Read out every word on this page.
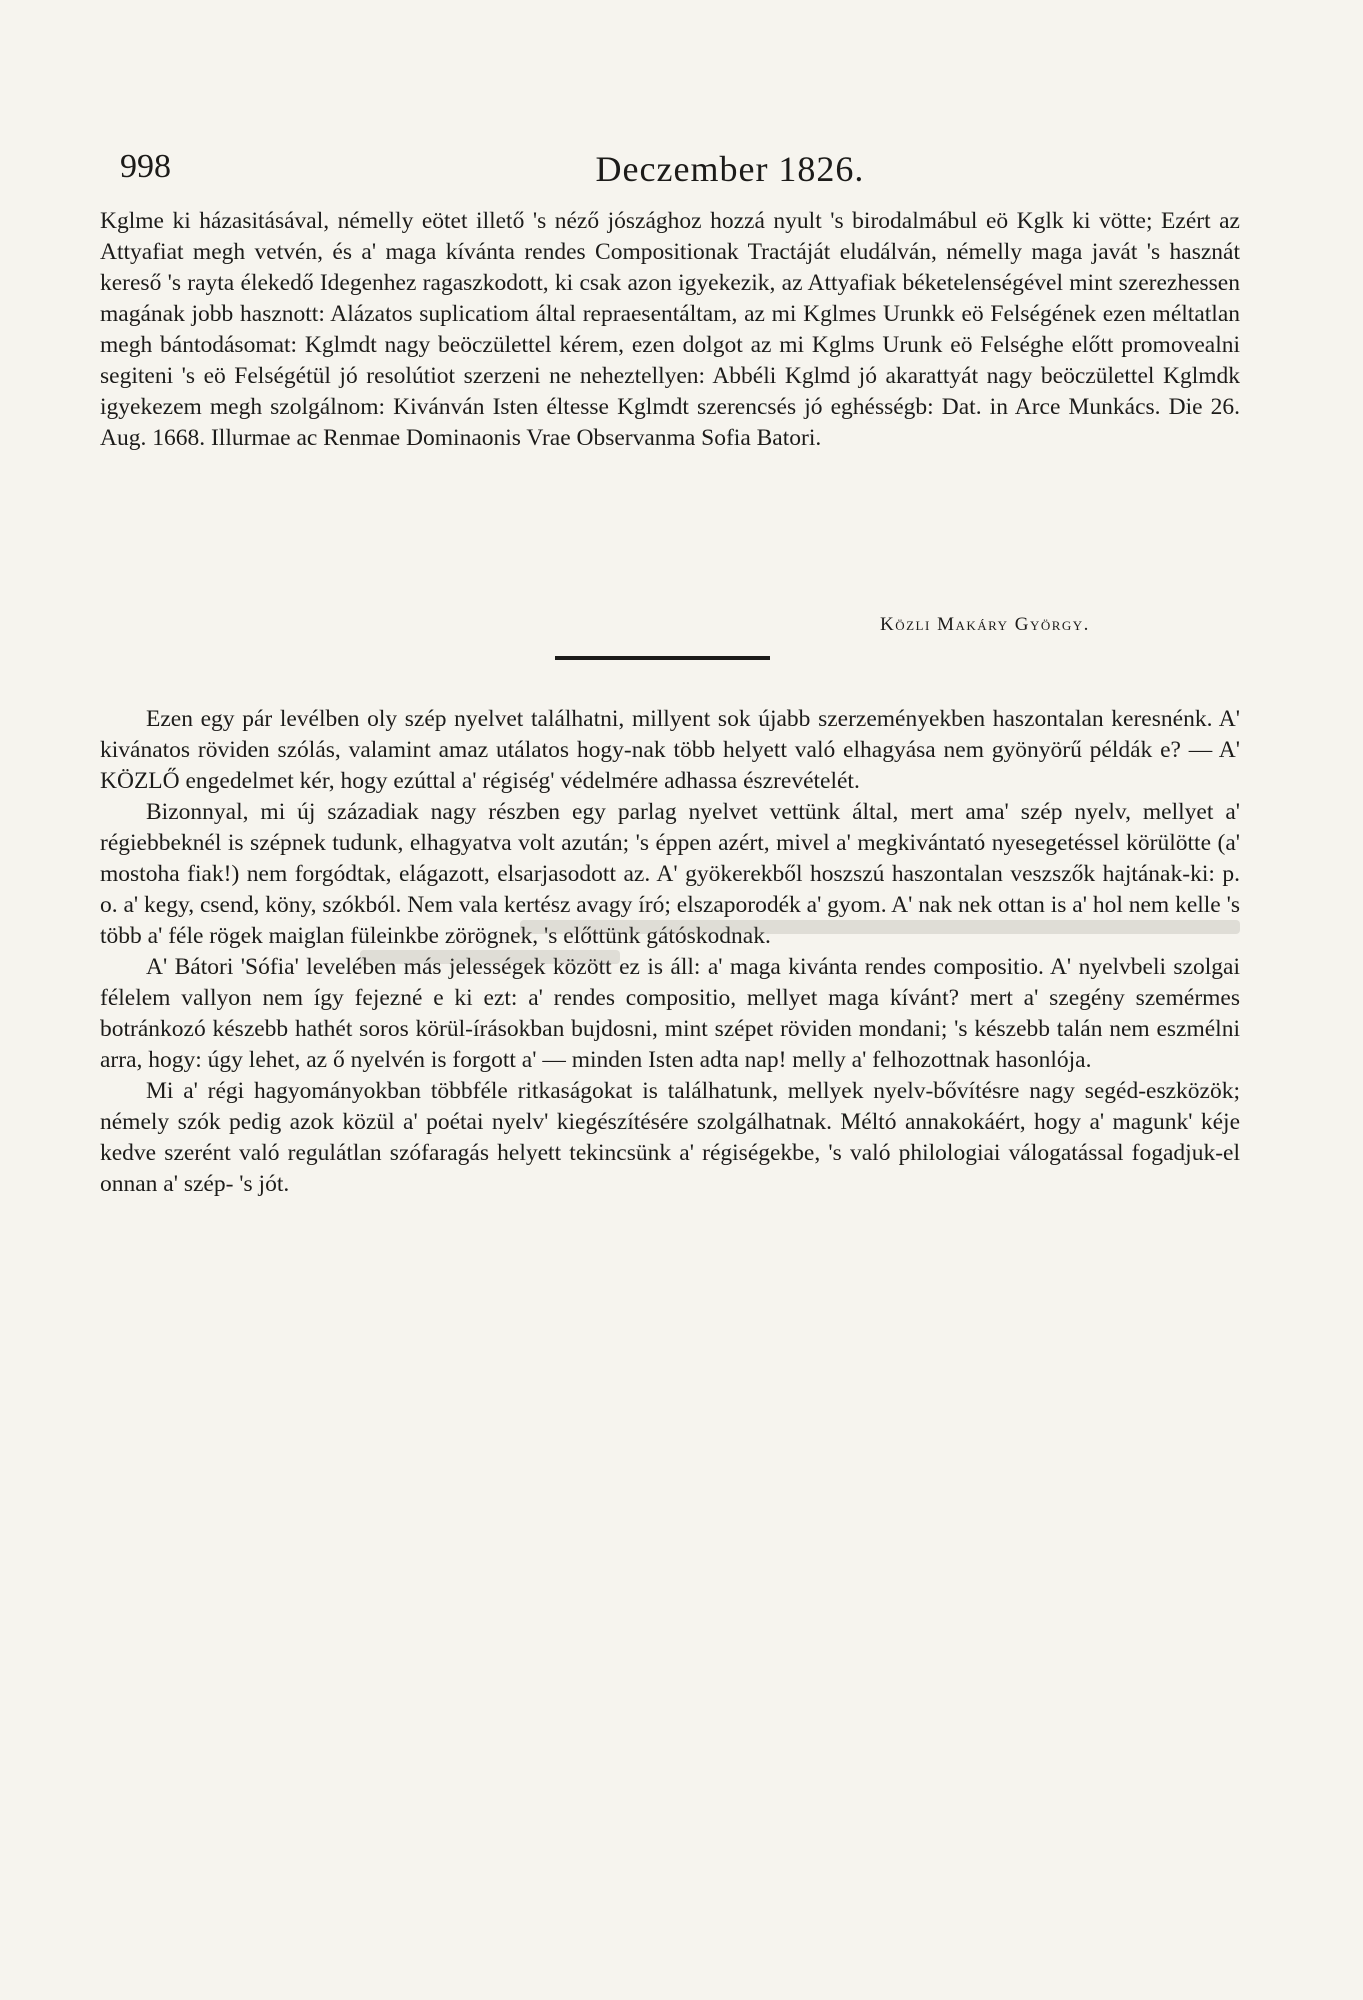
998	Deczember 1826.

Kglme ki házasitásával, némelly eötet illető 's néző jószághoz hozzá nyult 's birodalmábul eö Kglk ki vötte; Ezért az Attyafiat megh vetvén, és a' maga kívánta rendes Compositionak Tractáját eludálván, némelly maga javát 's hasznát kereső 's rayta élekedő Idegenhez ragaszkodott, ki csak azon igyekezik, az Attyafiak béketelenségével mint szerezhessen magának jobb hasznott: Alázatos suplicatiom által repraesentáltam, az mi Kglmes Urunkk eö Felségének ezen méltatlan megh bántodásomat: Kglmdt nagy beöczülettel kérem, ezen dolgot az mi Kglms Urunk eö Felséghe előtt promovealni segiteni 's eö Felségétül jó resolútiot szerzeni ne neheztellyen: Abbéli Kglmd jó akarattyát nagy beöczülettel Kglmdk igyekezem megh szolgálnom: Kivánván Isten éltesse Kglmdt szerencsés jó eghésségb: Dat. in Arce Munkács. Die 26. Aug. 1668. Illurmae ac Renmae Dominaonis Vrae Observanma Sofia Batori.

Közli Makáry György.

Ezen egy pár levélben oly szép nyelvet találhatni, millyent sok újabb szerzeményekben haszontalan keresnénk. A' kivánatos röviden szólás, valamint amaz utálatos hogy-nak több helyett való elhagyása nem gyönyörű példák e? — A' KÖZLŐ engedelmet kér, hogy ezúttal a' régiség' védelmére adhassa észrevételét.

Bizonnyal, mi új századiak nagy részben egy parlag nyelvet vettünk által, mert ama' szép nyelv, mellyet a' régiebbeknél is szépnek tudunk, elhagyatva volt azután; 's éppen azért, mivel a' megkivántató nyesegetéssel körülötte (a' mostoha fiak!) nem forgódtak, elágazott, elsarjasodott az. A' gyökerekből hoszszú haszontalan veszszők hajtának-ki: p. o. a' kegy, csend, köny, szókból. Nem vala kertész avagy író; elszaporodék a' gyom. A' nak nek ottan is a' hol nem kelle 's több a' féle rögek maiglan füleinkbe zörögnek, 's előttünk gátóskodnak.

A' Bátori 'Sófia' levelében más jelességek között ez is áll: a' maga kivánta rendes compositio. A' nyelvbeli szolgai félelem vallyon nem így fejezné e ki ezt: a' rendes compositio, mellyet maga kívánt? mert a' szegény szemérmes botránkozó készebb hathét soros körül-írásokban bujdosni, mint szépet röviden mondani; 's készebb talán nem eszmélni arra, hogy: úgy lehet, az ő nyelvén is forgott a' — minden Isten adta nap! melly a' felhozottnak hasonlója.

Mi a' régi hagyományokban többféle ritkaságokat is találhatunk, mellyek nyelv-bővítésre nagy segéd-eszközök; némely szók pedig azok közül a' poétai nyelv' kiegészítésére szolgálhatnak. Méltó annakokáért, hogy a' magunk' kéje kedve szerént való regulátlan szófaragás helyett tekincsünk a' régiségekbe, 's való philologiai válogatással fogadjuk-el onnan a' szép- 's jót.
